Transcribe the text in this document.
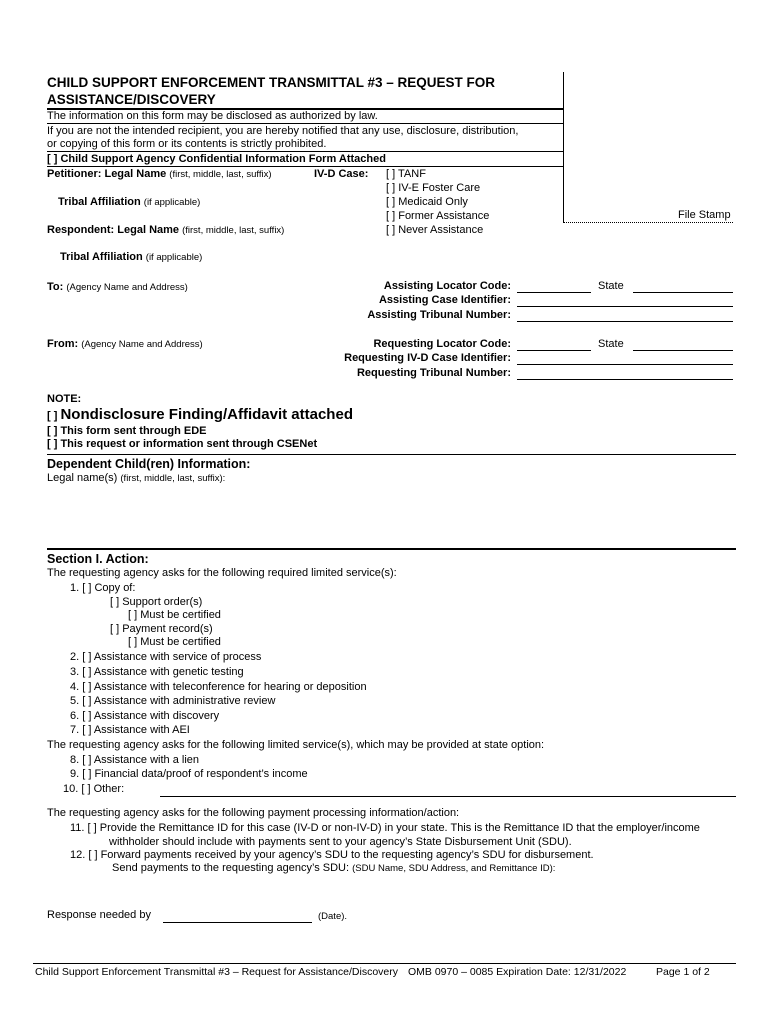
CHILD SUPPORT ENFORCEMENT TRANSMITTAL #3 – REQUEST FOR
ASSISTANCE/DISCOVERY
The information on this form may be disclosed as authorized by law.
If you are not the intended recipient, you are hereby notified that any use, disclosure, distribution,
or copying of this form or its contents is strictly prohibited.
[ ] Child Support Agency Confidential Information Form Attached
Petitioner: Legal Name (first, middle, last, suffix)	IV-D Case: [ ] TANF
[ ] IV-E Foster Care
[ ] Medicaid Only
[ ] Former Assistance
[ ] Never Assistance
Tribal Affiliation (if applicable)
Respondent: Legal Name (first, middle, last, suffix)
File Stamp
Tribal Affiliation (if applicable)
To: (Agency Name and Address)	Assisting Locator Code:	State
Assisting Case Identifier:
Assisting Tribunal Number:
From: (Agency Name and Address)	Requesting Locator Code:	State
Requesting IV-D Case Identifier:
Requesting Tribunal Number:
NOTE:
[ ] Nondisclosure Finding/Affidavit attached
[ ] This form sent through EDE
[ ] This request or information sent through CSENet
Dependent Child(ren) Information:
Legal name(s) (first, middle, last, suffix):
Section I. Action:
The requesting agency asks for the following required limited service(s):
1. [ ] Copy of:
[ ] Support order(s)
[ ] Must be certified
[ ] Payment record(s)
[ ] Must be certified
2. [ ] Assistance with service of process
3. [ ] Assistance with genetic testing
4. [ ] Assistance with teleconference for hearing or deposition
5. [ ] Assistance with administrative review
6. [ ] Assistance with discovery
7. [ ] Assistance with AEI
The requesting agency asks for the following limited service(s), which may be provided at state option:
8. [ ] Assistance with a lien
9. [ ] Financial data/proof of respondent’s income
10. [ ] Other:
The requesting agency asks for the following payment processing information/action:
11. [ ] Provide the Remittance ID for this case (IV-D or non-IV-D) in your state. This is the Remittance ID that the employer/income
withholder should include with payments sent to your agency’s State Disbursement Unit (SDU).
12. [ ] Forward payments received by your agency’s SDU to the requesting agency’s SDU for disbursement.
Send payments to the requesting agency’s SDU: (SDU Name, SDU Address, and Remittance ID):
Response needed by	(Date).
Child Support Enforcement Transmittal #3 – Request for Assistance/Discovery OMB 0970 – 0085 Expiration Date: 12/31/2022	Page 1 of 2
